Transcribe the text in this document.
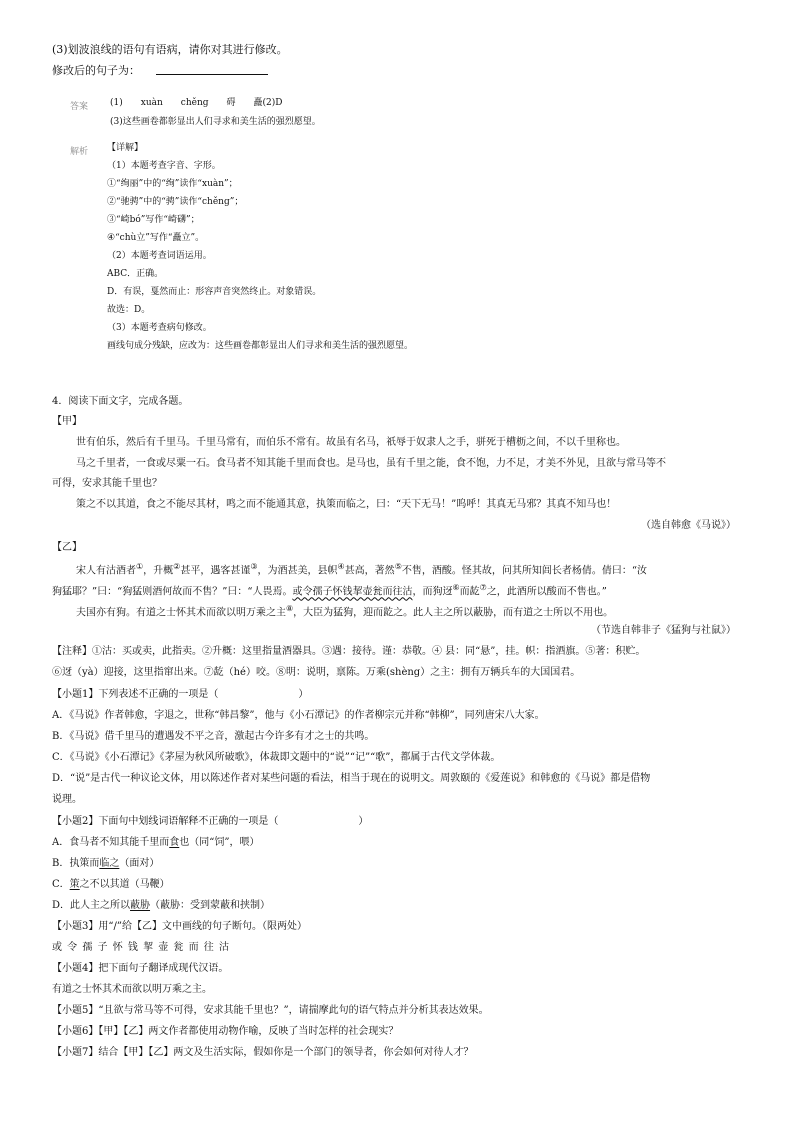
(3)划波浪线的语句有语病，请你对其进行修改。
修改后的句子为：
答案 (1)　　xuàn　　chěng　　碍　　矗(2)D
(3)这些画卷都彰显出人们寻求和美生活的强烈愿望。
解析 【详解】
（1）本题考查字音、字形。
①“绚丽”中的“绚”读作“xuàn”；
②“驰骋”中的“骋”读作“chěng”；
③“崎bó”写作“崎礴”；
④“chù立”写作“矗立”。
（2）本题考查词语运用。
ABC．正确。
D．有误，戛然而止：形容声音突然终止。对象错误。
故选：D。
（3）本题考查病句修改。
画线句成分残缺，应改为：这些画卷都彰显出人们寻求和美生活的强烈愿望。
4．阅读下面文字，完成各题。
【甲】
世有伯乐，然后有千里马。千里马常有，而伯乐不常有。故虽有名马，祇辱于奴隶人之手，骈死于槽枥之间，不以千里称也。
马之千里者，一食或尽粟一石。食马者不知其能千里而食也。是马也，虽有千里之能，食不饱，力不足，才美不外见，且欲与常马等不
可得，安求其能千里也？
策之不以其道，食之不能尽其材，鸣之而不能通其意，执策而临之，曰：“天下无马！”呜呼！其真无马邪？其真不知马也！
（选自韩愈《马说》）
【乙】
宋人有沽酒者①，升概②甚平，遇客甚谨③，为酒甚美，县帜④甚高，著然⑤不售，酒酸。怪其故，问其所知闾长者杨倩。倩曰：“汝
狗猛耶？”曰：“狗猛则酒何故而不售？”曰：“人畏焉。或令孺子怀钱挈壶瓮而往沽，而狗迓⑥而龁⑦之，此酒所以酸而不售也。”
夫国亦有狗。有道之士怀其术而欲以明万乘之主⑧，大臣为猛狗，迎而龁之。此人主之所以蔽胁，而有道之士所以不用也。
（节选自韩非子《猛狗与社鼠》）
【注释】①沽：买或卖，此指卖。②升概：这里指量酒器具。③遇：接待。谨：恭敬。④ 县：同“悬”，挂。帜：指酒旗。⑤著：积贮。
⑥迓（yà）迎接，这里指窜出来。⑦龁（hé）咬。⑧明：说明，禀陈。万乘(shèng）之主：拥有万辆兵车的大国国君。
【小题1】下列表述不正确的一项是（　　　　　　　　）
A．《马说》作者韩愈，字退之，世称“韩昌黎”，他与《小石潭记》的作者柳宗元并称“韩柳”，同列唐宋八大家。
B．《马说》借千里马的遭遇发不平之音，激起古今许多有才之士的共鸣。
C．《马说》《小石潭记》《茅屋为秋风所破歌》，体裁即文题中的“说”“记”“歌”，都属于古代文学体裁。
D．“说”是古代一种议论文体，用以陈述作者对某些问题的看法，相当于现在的说明文。周敦颐的《爱莲说》和韩愈的《马说》都是借物
说理。
【小题2】下面句中划线词语解释不正确的一项是（　　　　　　　　）
A．食马者不知其能千里而食也（同“饲”，喂）
B．执策而临之（面对）
C．策之不以其道（马鞭）
D．此人主之所以蔽胁（蔽胁：受到蒙蔽和挟制）
【小题3】用“/”给【乙】文中画线的句子断句。（限两处）
或 令 孺 子 怀 钱 挈 壶 瓮 而 往 沽
【小题4】把下面句子翻译成现代汉语。
有道之士怀其术而欲以明万乘之主。
【小题5】“且欲与常马等不可得，安求其能千里也？”，请揣摩此句的语气特点并分析其表达效果。
【小题6】【甲】【乙】两文作者都使用动物作喻，反映了当时怎样的社会现实？
【小题7】结合【甲】【乙】两文及生活实际，假如你是一个部门的领导者，你会如何对待人才？
